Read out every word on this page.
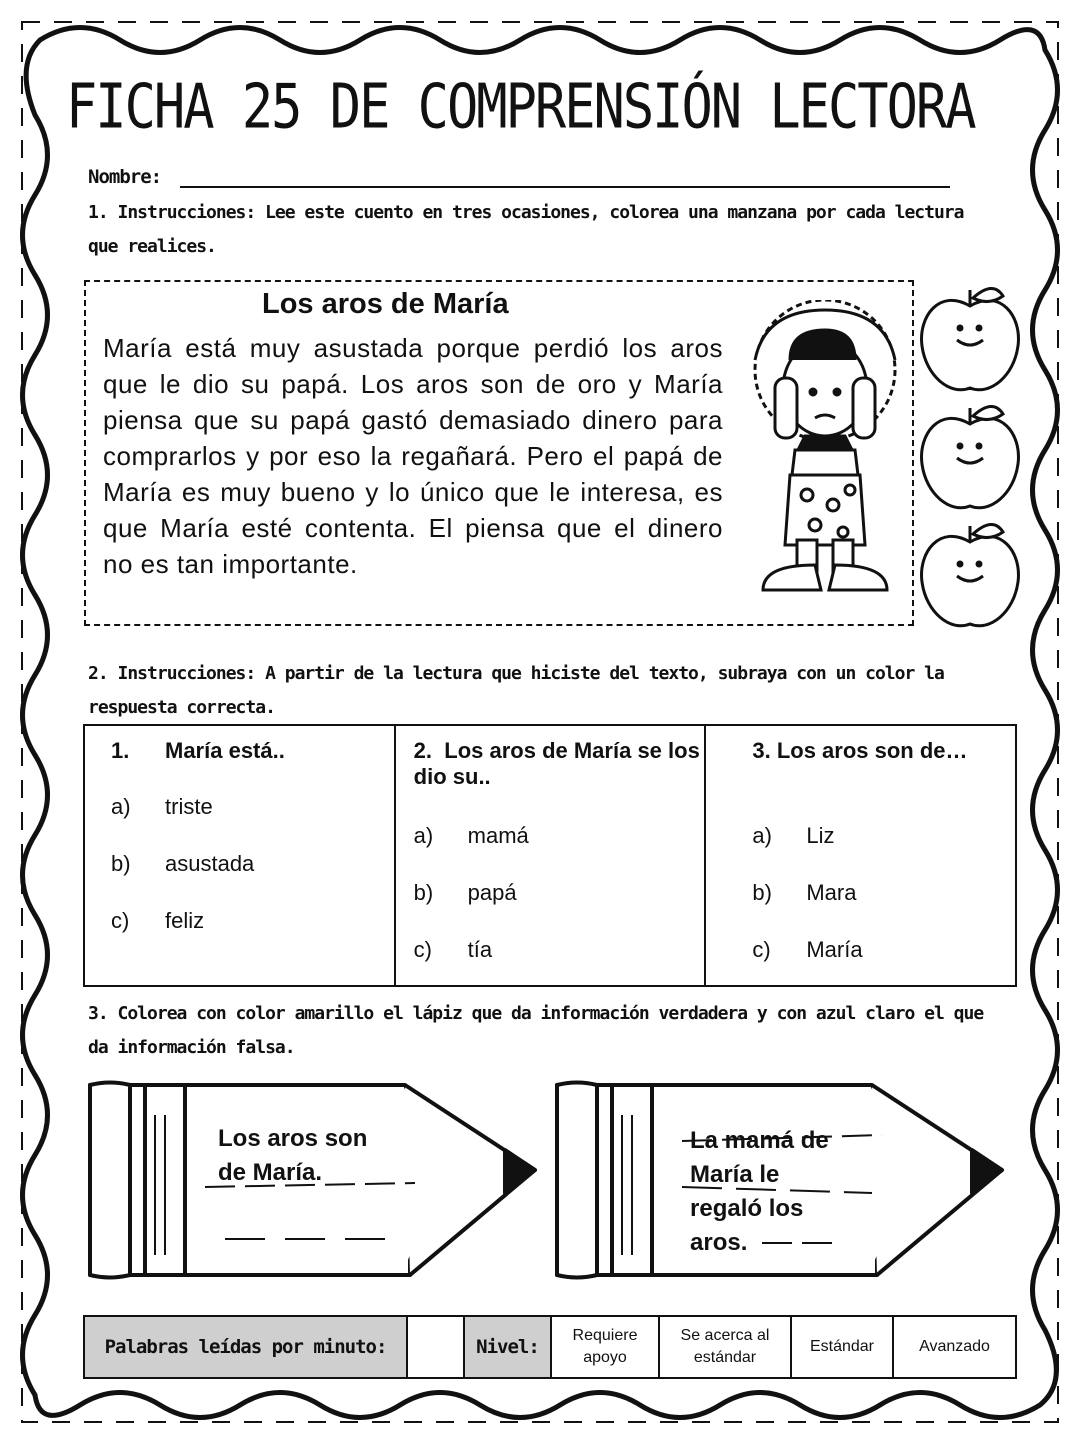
FICHA 25 DE COMPRENSIÓN LECTORA
Nombre:
1. Instrucciones: Lee este cuento en tres ocasiones, colorea una manzana por cada lectura que realices.
Los aros de María
María está muy asustada porque perdió los aros que le dio su papá. Los aros son de oro y María piensa que su papá gastó demasiado dinero para comprarlos y por eso la regañará. Pero el papá de María es muy bueno y lo único que le interesa, es que María esté contenta. El piensa que el dinero no es tan importante.
2. Instrucciones: A partir de la lectura que hiciste del texto, subraya con un color la respuesta correcta.
1. María está..
a) triste
b) asustada
c) feliz
2. Los aros de María se los dio su..
a) mamá
b) papá
c) tía
3. Los aros son de…
a) Liz
b) Mara
c) María
3. Colorea con color amarillo el lápiz que da información verdadera y con azul claro el que da información falsa.
Los aros son
de María.
La mamá de
María le
regaló los
aros.
Palabras leídas por minuto:	Nivel:
Requiere
apoyo
Se acerca al
estándar
Estándar	Avanzado
